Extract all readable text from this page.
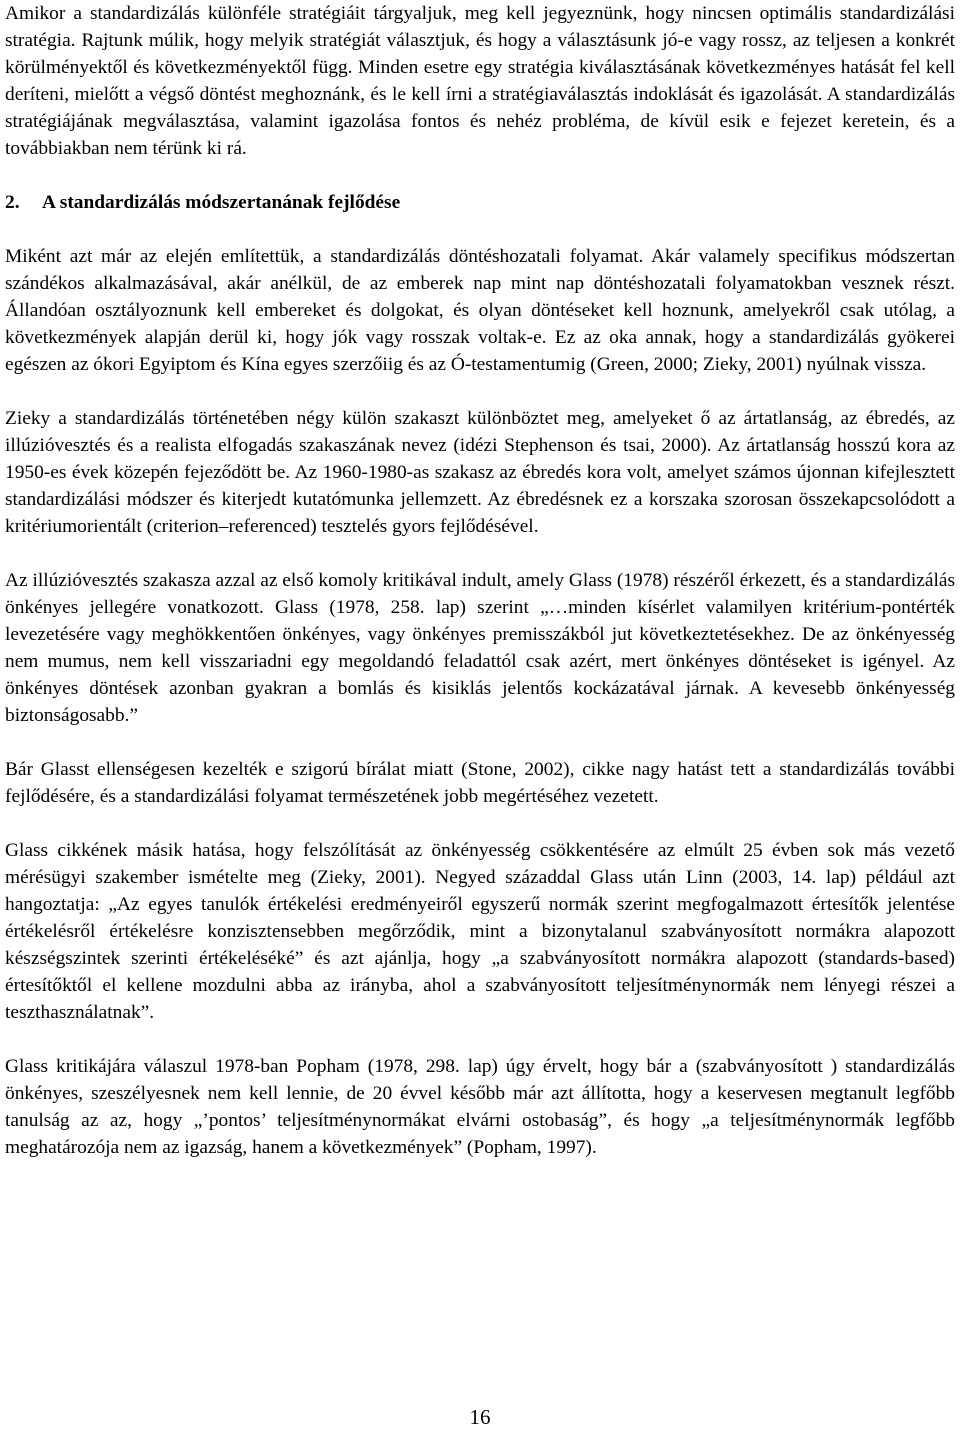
Amikor a standardizálás különféle stratégiáit tárgyaljuk, meg kell jegyeznünk, hogy nincsen optimális standardizálási stratégia. Rajtunk múlik, hogy melyik stratégiát választjuk, és hogy a választásunk jó-e vagy rossz, az teljesen a konkrét körülményektől és következményektől függ. Minden esetre egy stratégia kiválasztásának következményes hatását fel kell deríteni, mielőtt a végső döntést meghoznánk, és le kell írni a stratégiaválasztás indoklását és igazolását. A standardizálás stratégiájának megválasztása, valamint igazolása fontos és nehéz probléma, de kívül esik e fejezet keretein, és a továbbiakban nem térünk ki rá.

2. A standardizálás módszertanának fejlődése

Miként azt már az elején említettük, a standardizálás döntéshozatali folyamat. Akár valamely specifikus módszertan szándékos alkalmazásával, akár anélkül, de az emberek nap mint nap döntéshozatali folyamatokban vesznek részt. Állandóan osztályoznunk kell embereket és dolgokat, és olyan döntéseket kell hoznunk, amelyekről csak utólag, a következmények alapján derül ki, hogy jók vagy rosszak voltak-e. Ez az oka annak, hogy a standardizálás gyökerei egészen az ókori Egyiptom és Kína egyes szerzőiig és az Ó-testamentumig (Green, 2000; Zieky, 2001) nyúlnak vissza.

Zieky a standardizálás történetében négy külön szakaszt különböztet meg, amelyeket ő az ártatlanság, az ébredés, az illúzióvesztés és a realista elfogadás szakaszának nevez (idézi Stephenson és tsai, 2000). Az ártatlanság hosszú kora az 1950-es évek közepén fejeződött be. Az 1960-1980-as szakasz az ébredés kora volt, amelyet számos újonnan kifejlesztett standardizálási módszer és kiterjedt kutatómunka jellemzett. Az ébredésnek ez a korszaka szorosan összekapcsolódott a kritériumorientált (criterion–referenced) tesztelés gyors fejlődésével.

Az illúzióvesztés szakasza azzal az első komoly kritikával indult, amely Glass (1978) részéről érkezett, és a standardizálás önkényes jellegére vonatkozott. Glass (1978, 258. lap) szerint „…minden kísérlet valamilyen kritérium-pontérték levezetésére vagy meghökkentően önkényes, vagy önkényes premisszákból jut következtetésekhez. De az önkényesség nem mumus, nem kell visszariadni egy megoldandó feladattól csak azért, mert önkényes döntéseket is igényel. Az önkényes döntések azonban gyakran a bomlás és kisiklás jelentős kockázatával járnak. A kevesebb önkényesség biztonságosabb.”

Bár Glasst ellenségesen kezelték e szigorú bírálat miatt (Stone, 2002), cikke nagy hatást tett a standardizálás további fejlődésére, és a standardizálási folyamat természetének jobb megértéséhez vezetett.

Glass cikkének másik hatása, hogy felszólítását az önkényesség csökkentésére az elmúlt 25 évben sok más vezető mérésügyi szakember ismételte meg (Zieky, 2001). Negyed századdal Glass után Linn (2003, 14. lap) például azt hangoztatja: „Az egyes tanulók értékelési eredményeiről egyszerű normák szerint megfogalmazott értesítők jelentése értékelésről értékelésre konzisztensebben megőrződik, mint a bizonytalanul szabványosított normákra alapozott készségszintek szerinti értékeléséké” és azt ajánlja, hogy „a szabványosított normákra alapozott (standards-based) értesítőktől el kellene mozdulni abba az irányba, ahol a szabványosított teljesítménynormák nem lényegi részei a teszthasználatnak”.

Glass kritikájára válaszul 1978-ban Popham (1978, 298. lap) úgy érvelt, hogy bár a (szabványosított ) standardizálás önkényes, szeszélyesnek nem kell lennie, de 20 évvel később már azt állította, hogy a keservesen megtanult legfőbb tanulság az az, hogy „’pontos’ teljesítménynormákat elvárni ostobaság”, és hogy „a teljesítménynormák legfőbb meghatározója nem az igazság, hanem a következmények” (Popham, 1997).

16
